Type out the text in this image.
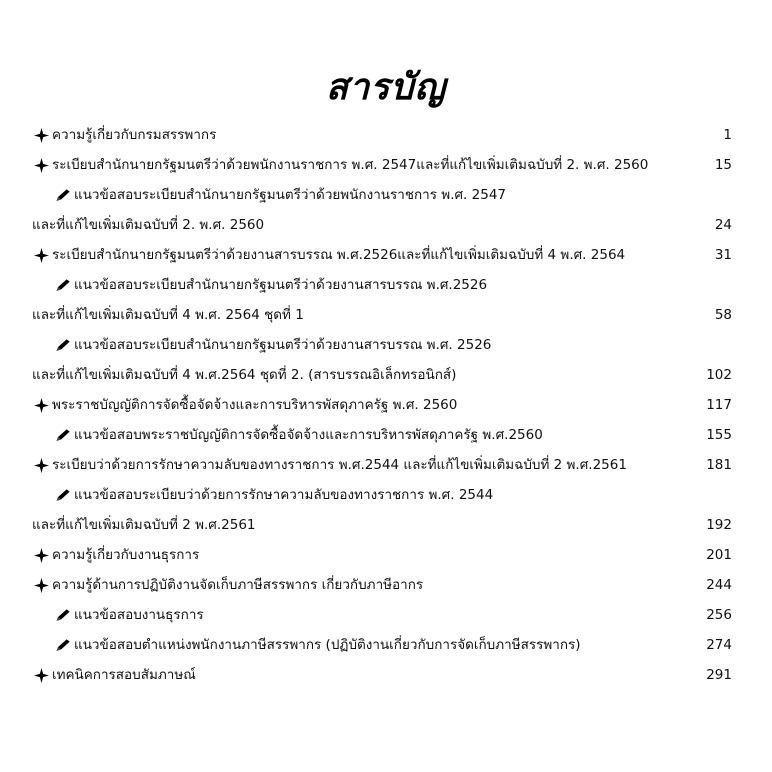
สารบัญ
ความรู้เกี่ยวกับกรมสรรพากร	1
ระเบียบสำนักนายกรัฐมนตรีว่าด้วยพนักงานราชการ พ.ศ. 2547และที่แก้ไขเพิ่มเติมฉบับที่ 2. พ.ศ. 2560	15
แนวข้อสอบระเบียบสำนักนายกรัฐมนตรีว่าด้วยพนักงานราชการ พ.ศ. 2547
และที่แก้ไขเพิ่มเติมฉบับที่ 2. พ.ศ. 2560	24
ระเบียบสำนักนายกรัฐมนตรีว่าด้วยงานสารบรรณ พ.ศ.2526และที่แก้ไขเพิ่มเติมฉบับที่ 4 พ.ศ. 2564	31
แนวข้อสอบระเบียบสำนักนายกรัฐมนตรีว่าด้วยงานสารบรรณ พ.ศ.2526
และที่แก้ไขเพิ่มเติมฉบับที่ 4 พ.ศ. 2564 ชุดที่ 1	58
แนวข้อสอบระเบียบสำนักนายกรัฐมนตรีว่าด้วยงานสารบรรณ พ.ศ. 2526
และที่แก้ไขเพิ่มเติมฉบับที่ 4 พ.ศ.2564 ชุดที่ 2. (สารบรรณอิเล็กทรอนิกส์)	102
พระราชบัญญัติการจัดซื้อจัดจ้างและการบริหารพัสดุภาครัฐ พ.ศ. 2560	117
แนวข้อสอบพระราชบัญญัติการจัดซื้อจัดจ้างและการบริหารพัสดุภาครัฐ พ.ศ.2560	155
ระเบียบว่าด้วยการรักษาความลับของทางราชการ พ.ศ.2544 และที่แก้ไขเพิ่มเติมฉบับที่ 2 พ.ศ.2561	181
แนวข้อสอบระเบียบว่าด้วยการรักษาความลับของทางราชการ พ.ศ. 2544
และที่แก้ไขเพิ่มเติมฉบับที่ 2 พ.ศ.2561	192
ความรู้เกี่ยวกับงานธุรการ	201
ความรู้ด้านการปฏิบัติงานจัดเก็บภาษีสรรพากร เกี่ยวกับภาษีอากร	244
แนวข้อสอบงานธุรการ	256
แนวข้อสอบตำแหน่งพนักงานภาษีสรรพากร (ปฏิบัติงานเกี่ยวกับการจัดเก็บภาษีสรรพากร)	274
เทคนิคการสอบสัมภาษณ์	291
